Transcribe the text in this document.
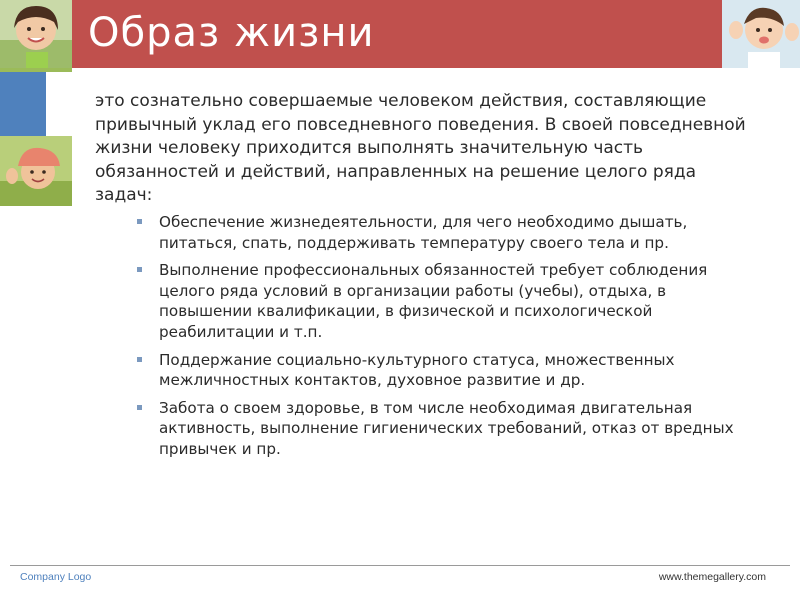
Образ жизни

это сознательно совершаемые человеком действия, составляющие привычный уклад его повседневного поведения. В своей повседневной жизни человеку приходится выполнять значительную часть обязанностей и действий, направленных на решение целого ряда задач:

Обеспечение жизнедеятельности, для чего необходимо дышать, питаться, спать, поддерживать температуру своего тела и пр.
Выполнение профессиональных обязанностей требует соблюдения целого ряда условий в организации работы (учебы), отдыха, в повышении квалификации, в физической и психологической реабилитации и т.п.
Поддержание социально-культурного статуса, множественных межличностных контактов, духовное развитие и др.
Забота о своем здоровье, в том числе необходимая двигательная активность, выполнение гигиенических требований, отказ от вредных привычек и пр.
Company Logo	www.themegallery.com
